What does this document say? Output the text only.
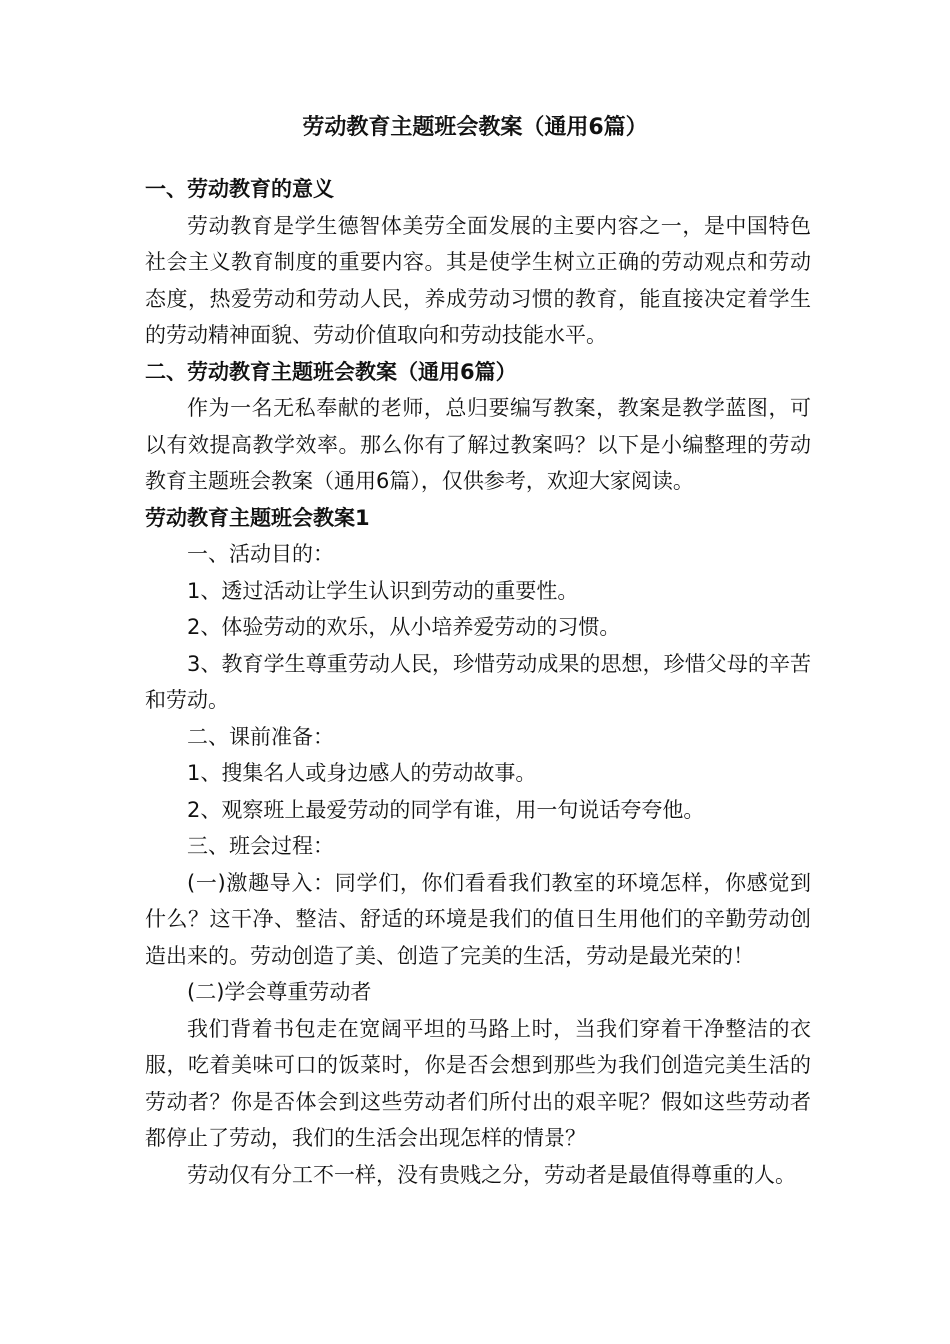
劳动教育主题班会教案（通用6篇）

一、劳动教育的意义

劳动教育是学生德智体美劳全面发展的主要内容之一，是中国特色社会主义教育制度的重要内容。其是使学生树立正确的劳动观点和劳动态度，热爱劳动和劳动人民，养成劳动习惯的教育，能直接决定着学生的劳动精神面貌、劳动价值取向和劳动技能水平。

二、劳动教育主题班会教案（通用6篇）

作为一名无私奉献的老师，总归要编写教案，教案是教学蓝图，可以有效提高教学效率。那么你有了解过教案吗？以下是小编整理的劳动教育主题班会教案（通用6篇），仅供参考，欢迎大家阅读。

劳动教育主题班会教案1

一、活动目的：

1、透过活动让学生认识到劳动的重要性。

2、体验劳动的欢乐，从小培养爱劳动的习惯。

3、教育学生尊重劳动人民，珍惜劳动成果的思想，珍惜父母的辛苦和劳动。

二、课前准备：

1、搜集名人或身边感人的劳动故事。

2、观察班上最爱劳动的同学有谁，用一句说话夸夸他。

三、班会过程：

(一)激趣导入：同学们，你们看看我们教室的环境怎样，你感觉到什么？这干净、整洁、舒适的环境是我们的值日生用他们的辛勤劳动创造出来的。劳动创造了美、创造了完美的生活，劳动是最光荣的！

(二)学会尊重劳动者

我们背着书包走在宽阔平坦的马路上时，当我们穿着干净整洁的衣服，吃着美味可口的饭菜时，你是否会想到那些为我们创造完美生活的劳动者？你是否体会到这些劳动者们所付出的艰辛呢？假如这些劳动者都停止了劳动，我们的生活会出现怎样的情景？

劳动仅有分工不一样，没有贵贱之分，劳动者是最值得尊重的人。
